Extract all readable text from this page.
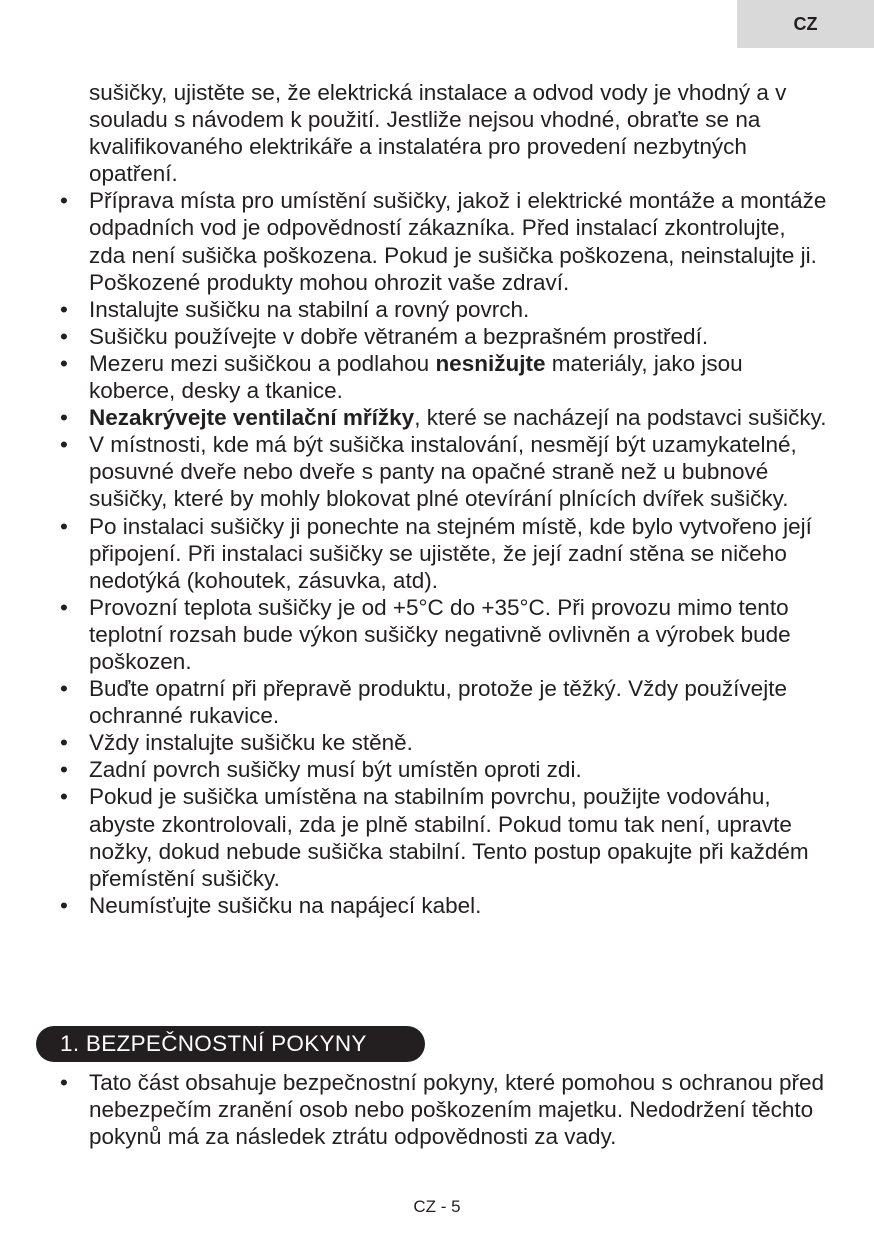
CZ

sušičky, ujistěte se, že elektrická instalace a odvod vody je vhodný a v souladu s návodem k použití. Jestliže nejsou vhodné, obraťte se na kvalifikovaného elektrikáře a instalatéra pro provedení nezbytných opatření.

• Příprava místa pro umístění sušičky, jakož i elektrické montáže a montáže odpadních vod je odpovědností zákazníka. Před instalací zkontrolujte, zda není sušička poškozena. Pokud je sušička poškozena, neinstalujte ji. Poškozené produkty mohou ohrozit vaše zdraví.
• Instalujte sušičku na stabilní a rovný povrch.
• Sušičku používejte v dobře větraném a bezprašném prostředí.
• Mezeru mezi sušičkou a podlahou nesnižujte materiály, jako jsou koberce, desky a tkanice.
• Nezakrývejte ventilační mřížky, které se nacházejí na podstavci sušičky.
• V místnosti, kde má být sušička instalování, nesmějí být uzamykatelné, posuvné dveře nebo dveře s panty na opačné straně než u bubnové sušičky, které by mohly blokovat plné otevírání plnících dvířek sušičky.
• Po instalaci sušičky ji ponechte na stejném místě, kde bylo vytvořeno její připojení. Při instalaci sušičky se ujistěte, že její zadní stěna se ničeho nedotýká (kohoutek, zásuvka, atd).
• Provozní teplota sušičky je od +5°C do +35°C. Při provozu mimo tento teplotní rozsah bude výkon sušičky negativně ovlivněn a výrobek bude poškozen.
• Buďte opatrní při přepravě produktu, protože je těžký. Vždy používejte ochranné rukavice.
• Vždy instalujte sušičku ke stěně.
• Zadní povrch sušičky musí být umístěn oproti zdi.
• Pokud je sušička umístěna na stabilním povrchu, použijte vodováhu, abyste zkontrolovali, zda je plně stabilní. Pokud tomu tak není, upravte nožky, dokud nebude sušička stabilní. Tento postup opakujte při každém přemístění sušičky.
• Neumísťujte sušičku na napájecí kabel.
1. BEZPEČNOSTNÍ POKYNY
• Tato část obsahuje bezpečnostní pokyny, které pomohou s ochranou před nebezpečím zranění osob nebo poškozením majetku. Nedodržení těchto pokynů má za následek ztrátu odpovědnosti za vady.
CZ - 5
